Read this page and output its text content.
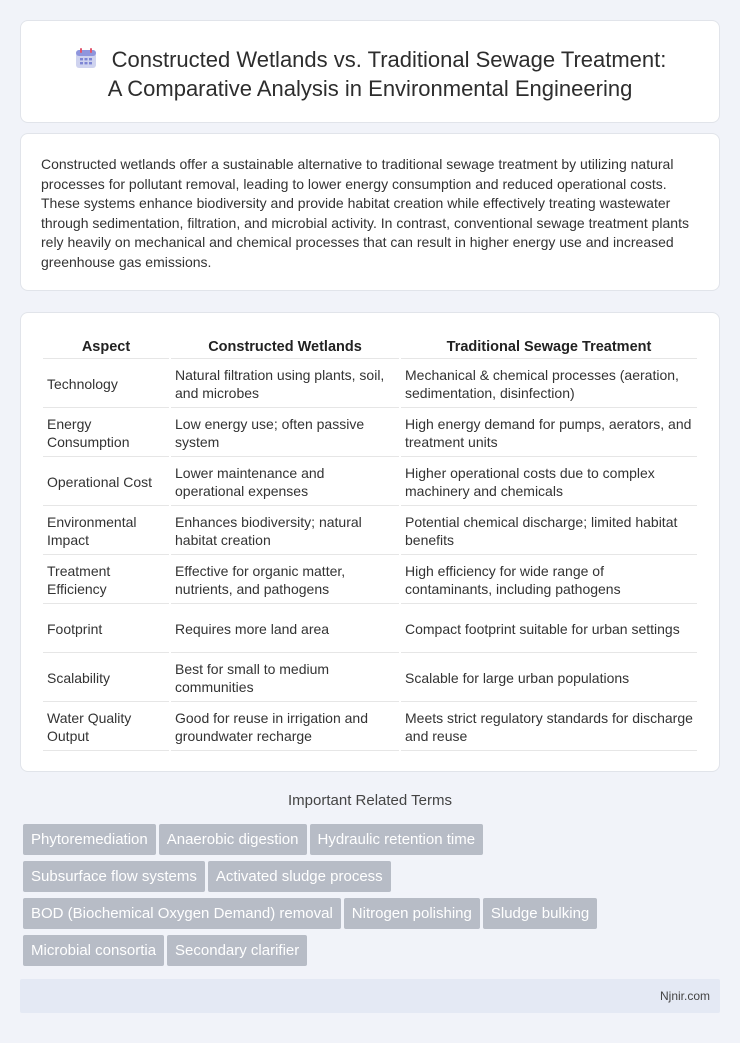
Constructed Wetlands vs. Traditional Sewage Treatment:
A Comparative Analysis in Environmental Engineering

Constructed wetlands offer a sustainable alternative to traditional sewage treatment by utilizing natural processes for pollutant removal, leading to lower energy consumption and reduced operational costs. These systems enhance biodiversity and provide habitat creation while effectively treating wastewater through sedimentation, filtration, and microbial activity. In contrast, conventional sewage treatment plants rely heavily on mechanical and chemical processes that can result in higher energy use and increased greenhouse gas emissions.

Aspect	Constructed Wetlands	Traditional Sewage Treatment
Technology	Natural filtration using plants, soil, and microbes	Mechanical & chemical processes (aeration, sedimentation, disinfection)
Energy Consumption	Low energy use; often passive system	High energy demand for pumps, aerators, and treatment units
Operational Cost	Lower maintenance and operational expenses	Higher operational costs due to complex machinery and chemicals
Environmental Impact	Enhances biodiversity; natural habitat creation	Potential chemical discharge; limited habitat benefits
Treatment Efficiency	Effective for organic matter, nutrients, and pathogens	High efficiency for wide range of contaminants, including pathogens
Footprint	Requires more land area	Compact footprint suitable for urban settings
Scalability	Best for small to medium communities	Scalable for large urban populations
Water Quality Output	Good for reuse in irrigation and groundwater recharge	Meets strict regulatory standards for discharge and reuse
Important Related Terms
Phytoremediation Anaerobic digestion Hydraulic retention time
Subsurface flow systems Activated sludge process
BOD (Biochemical Oxygen Demand) removal Nitrogen polishing Sludge bulking
Microbial consortia Secondary clarifier
Njnir.com
